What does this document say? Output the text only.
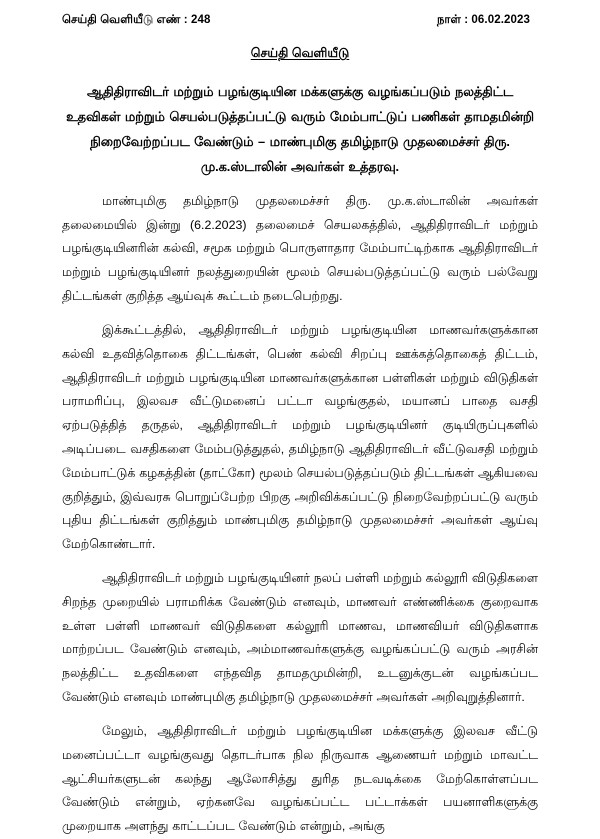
செய்தி வெளியீடு எண் : 248	நாள் : 06.02.2023
செய்தி வெளியீடு
ஆதிதிராவிடர் மற்றும் பழங்குடியின மக்களுக்கு வழங்கப்படும் நலத்திட்ட உதவிகள் மற்றும் செயல்படுத்தப்பட்டு வரும் மேம்பாட்டுப் பணிகள் தாமதமின்றி நிறைவேற்றப்பட வேண்டும் – மாண்புமிகு தமிழ்நாடு முதலமைச்சர் திரு. மு.க.ஸ்டாலின் அவர்கள் உத்தரவு.

மாண்புமிகு தமிழ்நாடு முதலமைச்சர் திரு. மு.க.ஸ்டாலின் அவர்கள் தலைமையில் இன்று (6.2.2023) தலைமைச் செயலகத்தில், ஆதிதிராவிடர் மற்றும் பழங்குடியினரின் கல்வி, சமூக மற்றும் பொருளாதார மேம்பாட்டிற்காக ஆதிதிராவிடர் மற்றும் பழங்குடியினர் நலத்துறையின் மூலம் செயல்படுத்தப்பட்டு வரும் பல்வேறு திட்டங்கள் குறித்த ஆய்வுக் கூட்டம் நடைபெற்றது.

இக்கூட்டத்தில், ஆதிதிராவிடர் மற்றும் பழங்குடியின மாணவர்களுக்கான கல்வி உதவித்தொகை திட்டங்கள், பெண் கல்வி சிறப்பு ஊக்கத்தொகைத் திட்டம், ஆதிதிராவிடர் மற்றும் பழங்குடியின மாணவர்களுக்கான பள்ளிகள் மற்றும் விடுதிகள் பராமரிப்பு, இலவச வீட்டுமனைப் பட்டா வழங்குதல், மயானப் பாதை வசதி ஏற்படுத்தித் தருதல், ஆதிதிராவிடர் மற்றும் பழங்குடியினர் குடியிருப்புகளில் அடிப்படை வசதிகளை மேம்படுத்துதல், தமிழ்நாடு ஆதிதிராவிடர் வீட்டுவசதி மற்றும் மேம்பாட்டுக் கழகத்தின் (தாட்கோ) மூலம் செயல்படுத்தப்படும் திட்டங்கள் ஆகியவை குறித்தும், இவ்வரசு பொறுப்பேற்ற பிறகு அறிவிக்கப்பட்டு நிறைவேற்றப்பட்டு வரும் புதிய திட்டங்கள் குறித்தும் மாண்புமிகு தமிழ்நாடு முதலமைச்சர் அவர்கள் ஆய்வு மேற்கொண்டார்.

ஆதிதிராவிடர் மற்றும் பழங்குடியினர் நலப் பள்ளி மற்றும் கல்லூரி விடுதிகளை சிறந்த முறையில் பராமரிக்க வேண்டும் எனவும், மாணவர் எண்ணிக்கை குறைவாக உள்ள பள்ளி மாணவர் விடுதிகளை கல்லூரி மாணவ, மாணவியர் விடுதிகளாக மாற்றப்பட வேண்டும் எனவும், அம்மாணவர்களுக்கு வழங்கப்பட்டு வரும் அரசின் நலத்திட்ட உதவிகளை எந்தவித தாமதமுமின்றி, உடனுக்குடன் வழங்கப்பட வேண்டும் எனவும் மாண்புமிகு தமிழ்நாடு முதலமைச்சர் அவர்கள் அறிவுறுத்தினார்.

மேலும், ஆதிதிராவிடர் மற்றும் பழங்குடியின மக்களுக்கு இலவச வீட்டு மனைப்பட்டா வழங்குவது தொடர்பாக நில நிருவாக ஆணையர் மற்றும் மாவட்ட ஆட்சியர்களுடன் கலந்து ஆலோசித்து துரித நடவடிக்கை மேற்கொள்ளப்பட வேண்டும் என்றும், ஏற்கனவே வழங்கப்பட்ட பட்டாக்கள் பயனாளிகளுக்கு முறையாக அளந்து காட்டப்பட வேண்டும் என்றும், அங்கு
